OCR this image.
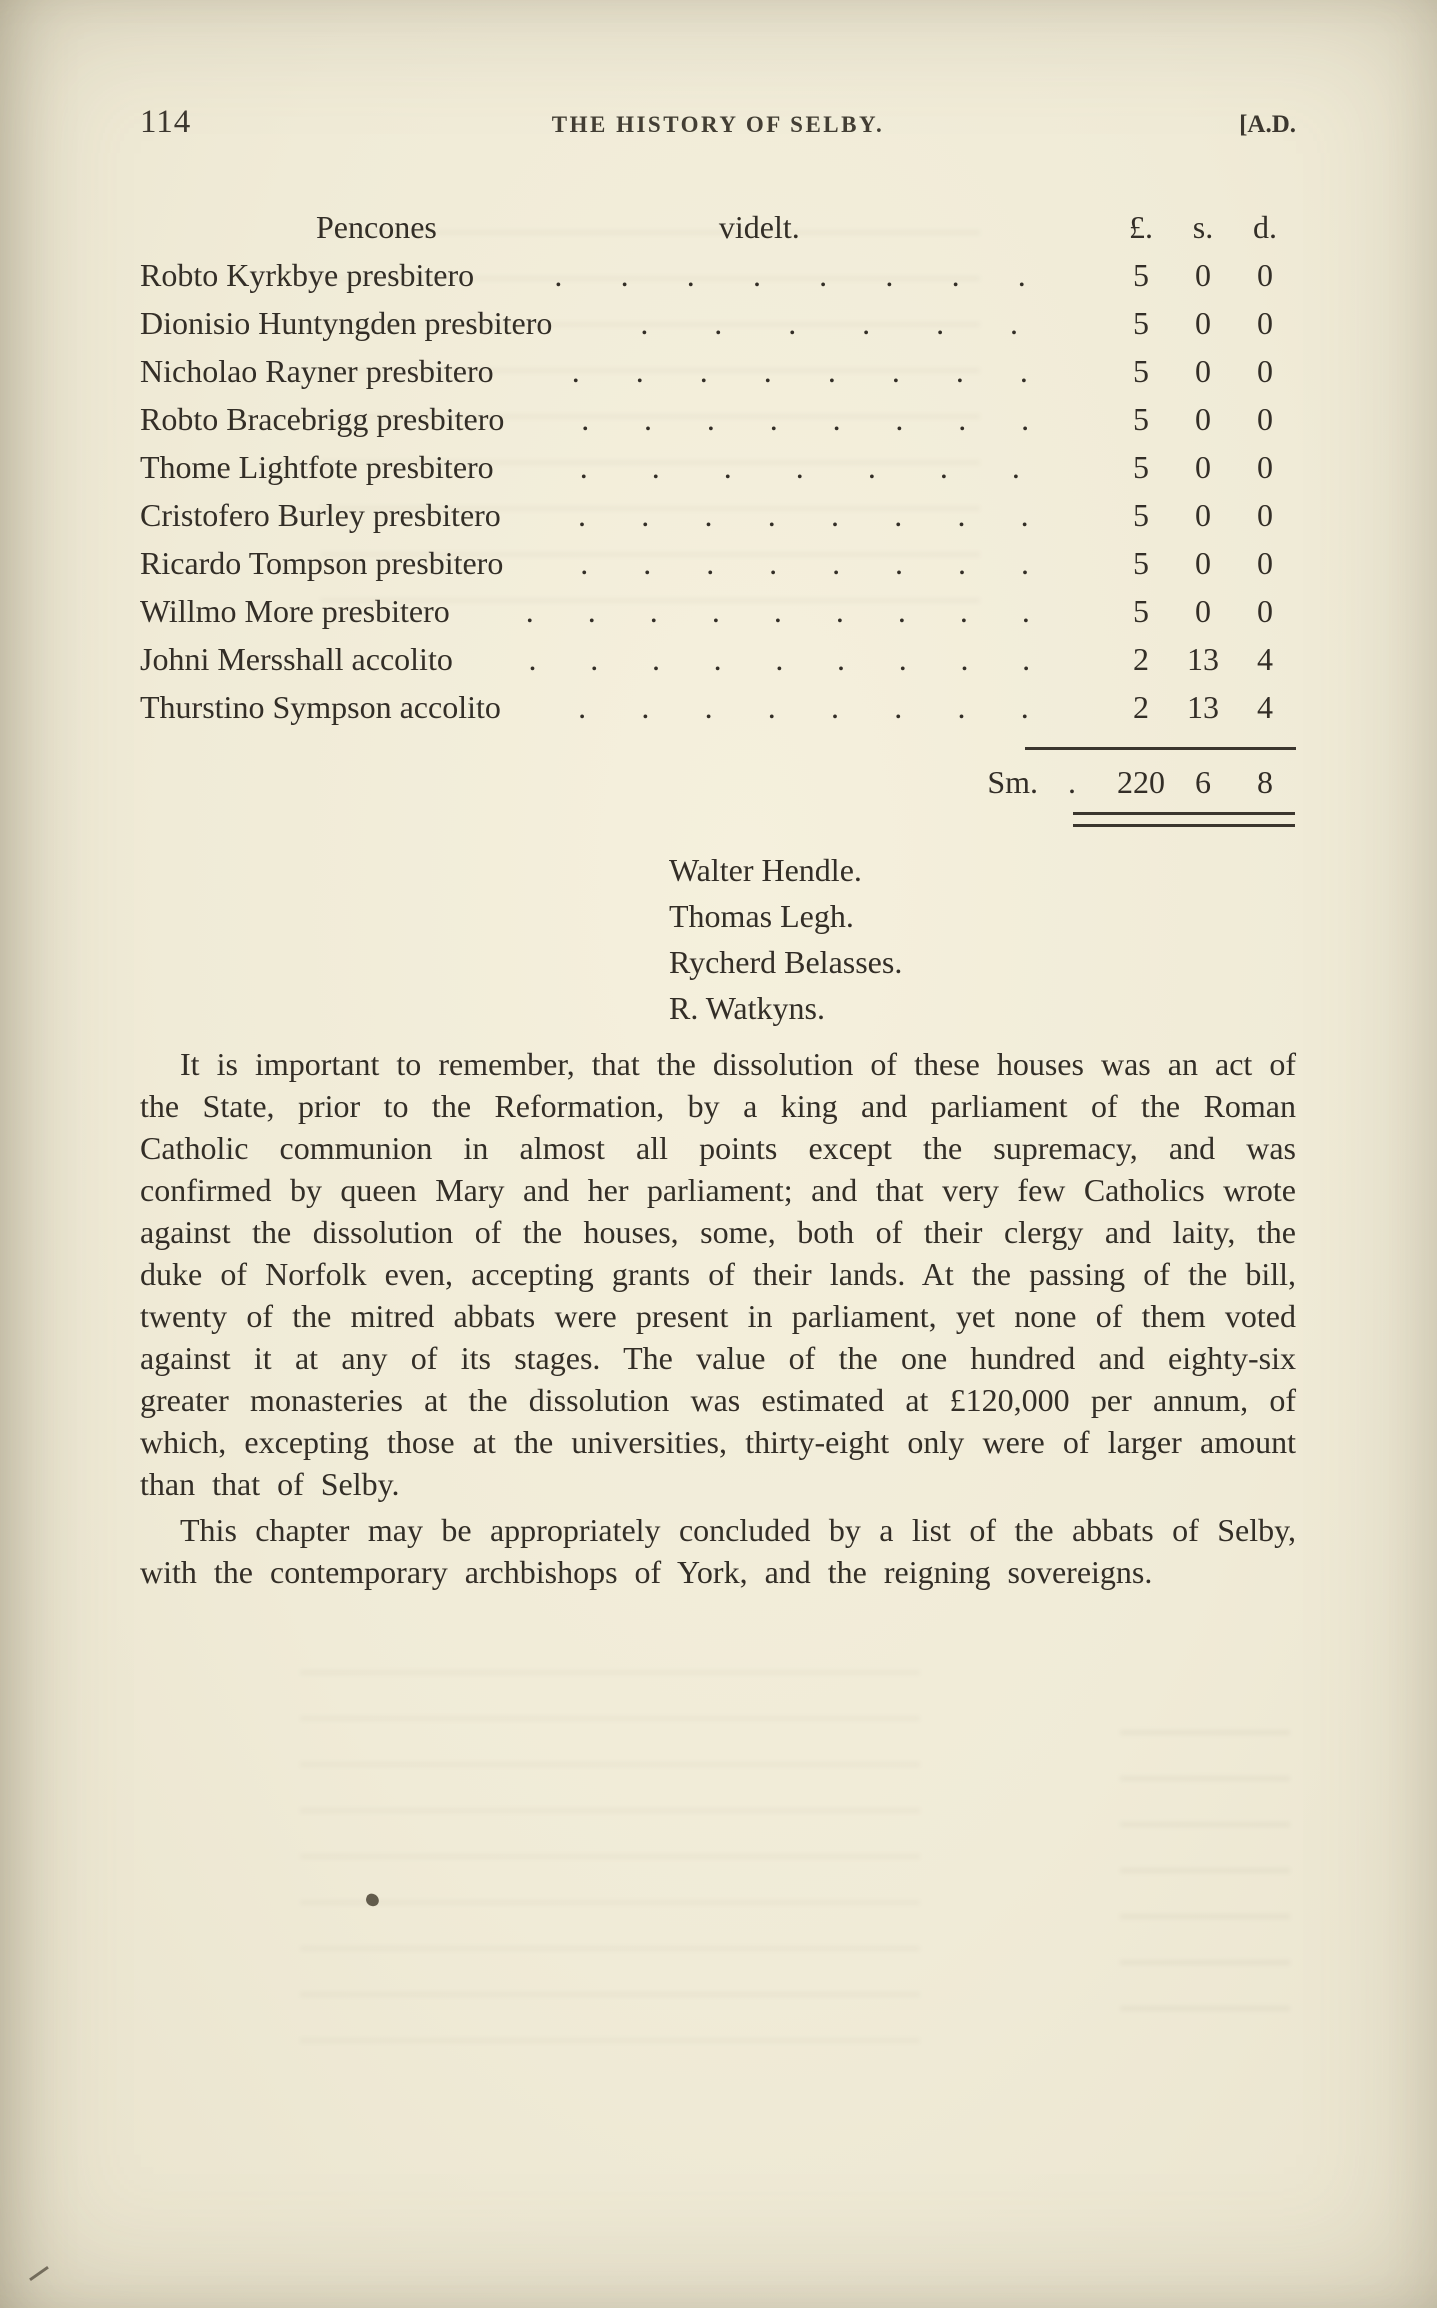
114	THE HISTORY OF SELBY.	[A.D.
Pencones	videlt.	£.	s.	d.
Robto Kyrkbye presbitero	. . . . . . . .	5	0	0
Dionisio Huntyngden presbitero	. . . . . .	5	0	0
Nicholao Rayner presbitero . . . . . . . .	5	0	0
Robto Bracebrigg presbitero . . . . . . . .	5	0	0
Thome Lightfote presbitero	. . . . . . .	5	0	0
Cristofero Burley presbitero . . . . . . . .	5	0	0
Ricardo Tompson presbitero . . . . . . . .	5	0	0
Willmo More presbitero . . . . . . . . .	5	0	0
Johni Mersshall accolito . . . . . . . . .	2	13	4
Thurstino Sympson accolito . . . . . . . .	2	13	4
Sm. . 220 6	8
Walter Hendle.
Thomas Legh.
Rycherd Belasses.
R. Watkyns.

It is important to remember, that the dissolution of these houses was an act of the State, prior to the Reformation, by a king and parliament of the Roman Catholic communion in almost all points except the supremacy, and was confirmed by queen Mary and her parliament; and that very few Catholics wrote against the dissolution of the houses, some, both of their clergy and laity, the duke of Norfolk even, accepting grants of their lands. At the passing of the bill, twenty of the mitred abbats were present in parliament, yet none of them voted against it at any of its stages. The value of the one hundred and eighty-six greater monasteries at the dissolution was estimated at £120,000 per annum, of which, excepting those at the universities, thirty-eight only were of larger amount than that of Selby.

This chapter may be appropriately concluded by a list of the abbats of Selby, with the contemporary archbishops of York, and the reigning sovereigns.
